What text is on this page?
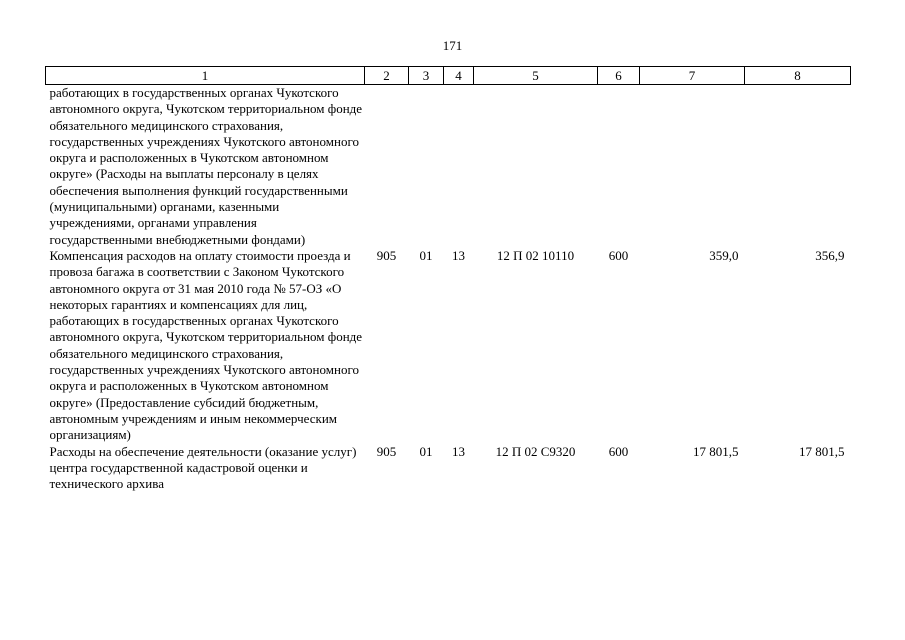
171
1	2	3	4	5	6	7	8
работающих в государственных органах Чукотского автономного округа, Чукотском территориальном фонде обязательного медицинского страхования, государственных учреждениях Чукотского автономного округа и расположенных в Чукотском автономном округе» (Расходы на выплаты персоналу в целях обеспечения выполнения функций государственными (муниципальными) органами, казенными учреждениями, органами управления государственными внебюджетными фондами)							
Компенсация расходов на оплату стоимости проезда и провоза багажа в соответствии с Законом Чукотского автономного округа от 31 мая 2010 года № 57-ОЗ «О некоторых гарантиях и компенсациях для лиц, работающих в государственных органах Чукотского автономного округа, Чукотском территориальном фонде обязательного медицинского страхования, государственных учреждениях Чукотского автономного округа и расположенных в Чукотском автономном округе» (Предоставление субсидий бюджетным, автономным учреждениям и иным некоммерческим организациям)	905	01	13	12 П 02 10110	600	359,0	356,9
Расходы на обеспечение деятельности (оказание услуг) центра государственной кадастровой оценки и технического архива	905	01	13	12 П 02 С9320	600	17 801,5	17 801,5
